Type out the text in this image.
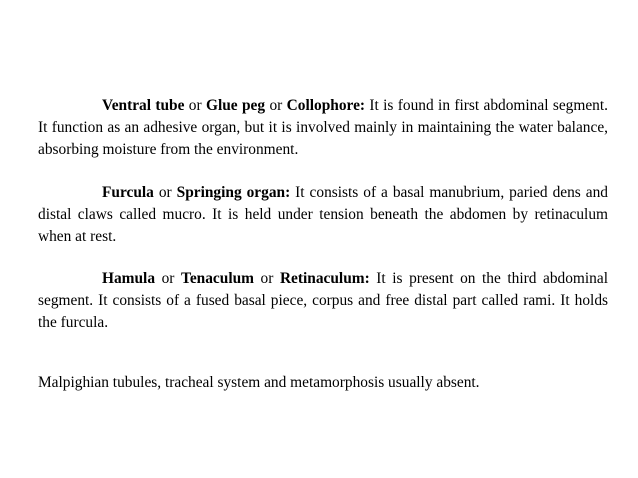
Ventral tube or Glue peg or Collophore: It is found in first abdominal segment. It function as an adhesive organ, but it is involved mainly in maintaining the water balance, absorbing moisture from the environment.

Furcula or Springing organ: It consists of a basal manubrium, paried dens and distal claws called mucro. It is held under tension beneath the abdomen by retinaculum when at rest.

Hamula or Tenaculum or Retinaculum: It is present on the third abdominal segment. It consists of a fused basal piece, corpus and free distal part called rami. It holds the furcula.

Malpighian tubules, tracheal system and metamorphosis usually absent.
